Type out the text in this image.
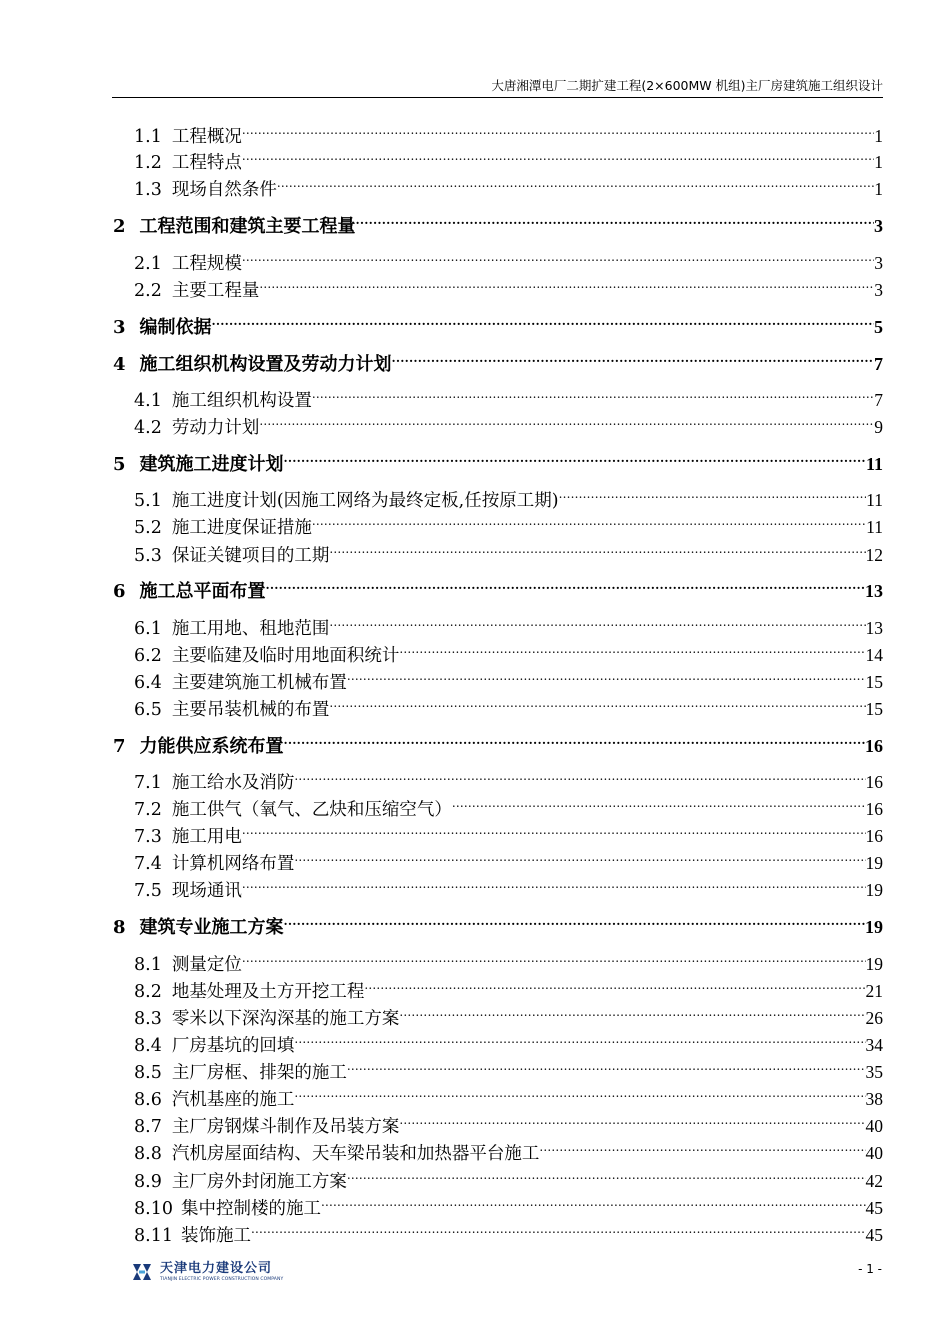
大唐湘潭电厂二期扩建工程(2×600MW 机组)主厂房建筑施工组织设计
1.1 工程概况 .....	1
1.2 工程特点 .....	1
1.3 现场自然条件 .....	1
2 工程范围和建筑主要工程量 .....	3
2.1 工程规模 .....	3
2.2 主要工程量 .....	3
3 编制依据 .....	5
4 施工组织机构设置及劳动力计划 .....	7
4.1 施工组织机构设置 .....	7
4.2 劳动力计划 .....	9
5 建筑施工进度计划 .....	11
5.1 施工进度计划(因施工网络为最终定板,任按原工期) .....	11
5.2 施工进度保证措施 .....	11
5.3 保证关键项目的工期 .....	12
6 施工总平面布置 .....	13
6.1 施工用地、租地范围 .....	13
6.2 主要临建及临时用地面积统计 .....	14
6.4 主要建筑施工机械布置 .....	15
6.5 主要吊装机械的布置 .....	15
7 力能供应系统布置 .....	16
7.1 施工给水及消防 .....	16
7.2 施工供气（氧气、乙炔和压缩空气） .....	16
7.3 施工用电 .....	16
7.4 计算机网络布置 .....	19
7.5 现场通讯 .....	19
8 建筑专业施工方案 .....	19
8.1 测量定位 .....	19
8.2 地基处理及土方开挖工程 .....	21
8.3 零米以下深沟深基的施工方案 .....	26
8.4 厂房基坑的回填 .....	34
8.5 主厂房框、排架的施工 .....	35
8.6 汽机基座的施工 .....	38
8.7 主厂房钢煤斗制作及吊装方案 .....	40
8.8 汽机房屋面结构、天车梁吊装和加热器平台施工 .....	40
8.9 主厂房外封闭施工方案 .....	42
8.10 集中控制楼的施工 .....	45
8.11 装饰施工 .....	45
天津电力建设公司
TIANJIN ELECTRIC POWER CONSTRUCTION COMPANY
- 1 -
